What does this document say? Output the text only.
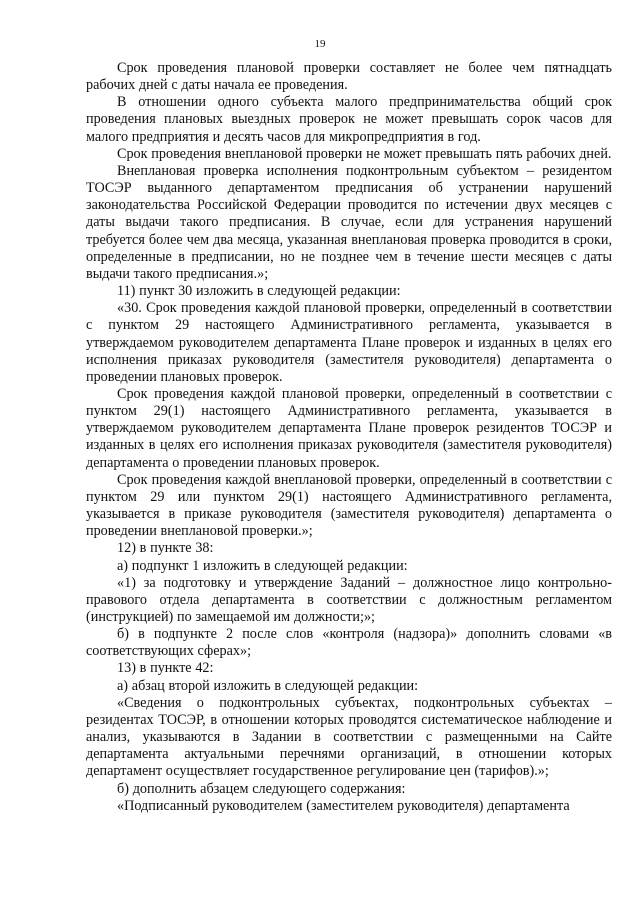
19

Срок проведения плановой проверки составляет не более чем пятнадцать рабочих дней с даты начала ее проведения.

В отношении одного субъекта малого предпринимательства общий срок проведения плановых выездных проверок не может превышать сорок часов для малого предприятия и десять часов для микропредприятия в год.

Срок проведения внеплановой проверки не может превышать пять рабочих дней.

Внеплановая проверка исполнения подконтрольным субъектом – резидентом ТОСЭР выданного департаментом предписания об устранении нарушений законодательства Российской Федерации проводится по истечении двух месяцев с даты выдачи такого предписания. В случае, если для устранения нарушений требуется более чем два месяца, указанная внеплановая проверка проводится в сроки, определенные в предписании, но не позднее чем в течение шести месяцев с даты выдачи такого предписания.»;

11) пункт 30 изложить в следующей редакции:

«30. Срок проведения каждой плановой проверки, определенный в соответствии с пунктом 29 настоящего Административного регламента, указывается в утверждаемом руководителем департамента Плане проверок и изданных в целях его исполнения приказах руководителя (заместителя руководителя) департамента о проведении плановых проверок.

Срок проведения каждой плановой проверки, определенный в соответствии с пунктом 29(1) настоящего Административного регламента, указывается в утверждаемом руководителем департамента Плане проверок резидентов ТОСЭР и изданных в целях его исполнения приказах руководителя (заместителя руководителя) департамента о проведении плановых проверок.

Срок проведения каждой внеплановой проверки, определенный в соответствии с пунктом 29 или пунктом 29(1) настоящего Административного регламента, указывается в приказе руководителя (заместителя руководителя) департамента о проведении внеплановой проверки.»;

12) в пункте 38:

а) подпункт 1 изложить в следующей редакции:

«1) за подготовку и утверждение Заданий – должностное лицо контрольно-правового отдела департамента в соответствии с должностным регламентом (инструкцией) по замещаемой им должности;»;

б) в подпункте 2 после слов «контроля (надзора)» дополнить словами «в соответствующих сферах»;

13) в пункте 42:

а) абзац второй изложить в следующей редакции:

«Сведения о подконтрольных субъектах, подконтрольных субъектах – резидентах ТОСЭР, в отношении которых проводятся систематическое наблюдение и анализ, указываются в Задании в соответствии с размещенными на Сайте департамента актуальными перечнями организаций, в отношении которых департамент осуществляет государственное регулирование цен (тарифов).»;

б) дополнить абзацем следующего содержания:

«Подписанный руководителем (заместителем руководителя) департамента
